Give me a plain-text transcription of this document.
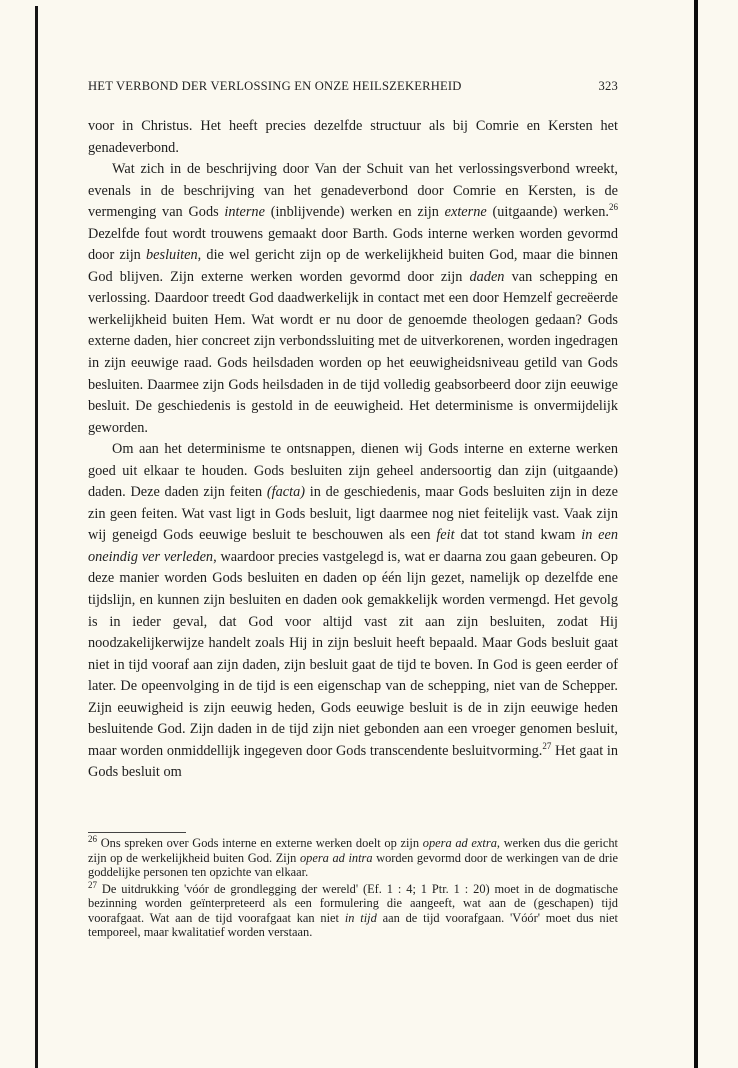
HET VERBOND DER VERLOSSING EN ONZE HEILSZEKERHEID	323

voor in Christus. Het heeft precies dezelfde structuur als bij Comrie en Kersten het genadeverbond.

Wat zich in de beschrijving door Van der Schuit van het verlossingsverbond wreekt, evenals in de beschrijving van het genadeverbond door Comrie en Kersten, is de vermenging van Gods interne (inblijvende) werken en zijn externe (uitgaande) werken.$^{26}$ Dezelfde fout wordt trouwens gemaakt door Barth. Gods interne werken worden gevormd door zijn besluiten, die wel gericht zijn op de werkelijkheid buiten God, maar die binnen God blijven. Zijn externe werken worden gevormd door zijn daden van schepping en verlossing. Daardoor treedt God daadwerkelijk in contact met een door Hemzelf gecreëerde werkelijkheid buiten Hem. Wat wordt er nu door de genoemde theologen gedaan? Gods externe daden, hier concreet zijn verbondssluiting met de uitverkorenen, worden ingedragen in zijn eeuwige raad. Gods heilsdaden worden op het eeuwigheidsniveau getild van Gods besluiten. Daarmee zijn Gods heilsdaden in de tijd volledig geabsorbeerd door zijn eeuwige besluit. De geschiedenis is gestold in de eeuwigheid. Het determinisme is onvermijdelijk geworden.

Om aan het determinisme te ontsnappen, dienen wij Gods interne en externe werken goed uit elkaar te houden. Gods besluiten zijn geheel andersoortig dan zijn (uitgaande) daden. Deze daden zijn feiten (facta) in de geschiedenis, maar Gods besluiten zijn in deze zin geen feiten. Wat vast ligt in Gods besluit, ligt daarmee nog niet feitelijk vast. Vaak zijn wij geneigd Gods eeuwige besluit te beschouwen als een feit dat tot stand kwam in een oneindig ver verleden, waardoor precies vastgelegd is, wat er daarna zou gaan gebeuren. Op deze manier worden Gods besluiten en daden op één lijn gezet, namelijk op dezelfde ene tijdslijn, en kunnen zijn besluiten en daden ook gemakkelijk worden vermengd. Het gevolg is in ieder geval, dat God voor altijd vast zit aan zijn besluiten, zodat Hij noodzakelijkerwijze handelt zoals Hij in zijn besluit heeft bepaald. Maar Gods besluit gaat niet in tijd vooraf aan zijn daden, zijn besluit gaat de tijd te boven. In God is geen eerder of later. De opeenvolging in de tijd is een eigenschap van de schepping, niet van de Schepper. Zijn eeuwigheid is zijn eeuwig heden, Gods eeuwige besluit is de in zijn eeuwige heden besluitende God. Zijn daden in de tijd zijn niet gebonden aan een vroeger genomen besluit, maar worden onmiddellijk ingegeven door Gods transcendente besluitvorming.$^{27}$ Het gaat in Gods besluit om

$^{26}$ Ons spreken over Gods interne en externe werken doelt op zijn opera ad extra, werken dus die gericht zijn op de werkelijkheid buiten God. Zijn opera ad intra worden gevormd door de werkingen van de drie goddelijke personen ten opzichte van elkaar.

$^{27}$ De uitdrukking 'vóór de grondlegging der wereld' (Ef. 1 : 4; 1 Ptr. 1 : 20) moet in de dogmatische bezinning worden geïnterpreteerd als een formulering die aangeeft, wat aan de (geschapen) tijd voorafgaat. Wat aan de tijd voorafgaat kan niet in tijd aan de tijd voorafgaan. 'Vóór' moet dus niet temporeel, maar kwalitatief worden verstaan.
